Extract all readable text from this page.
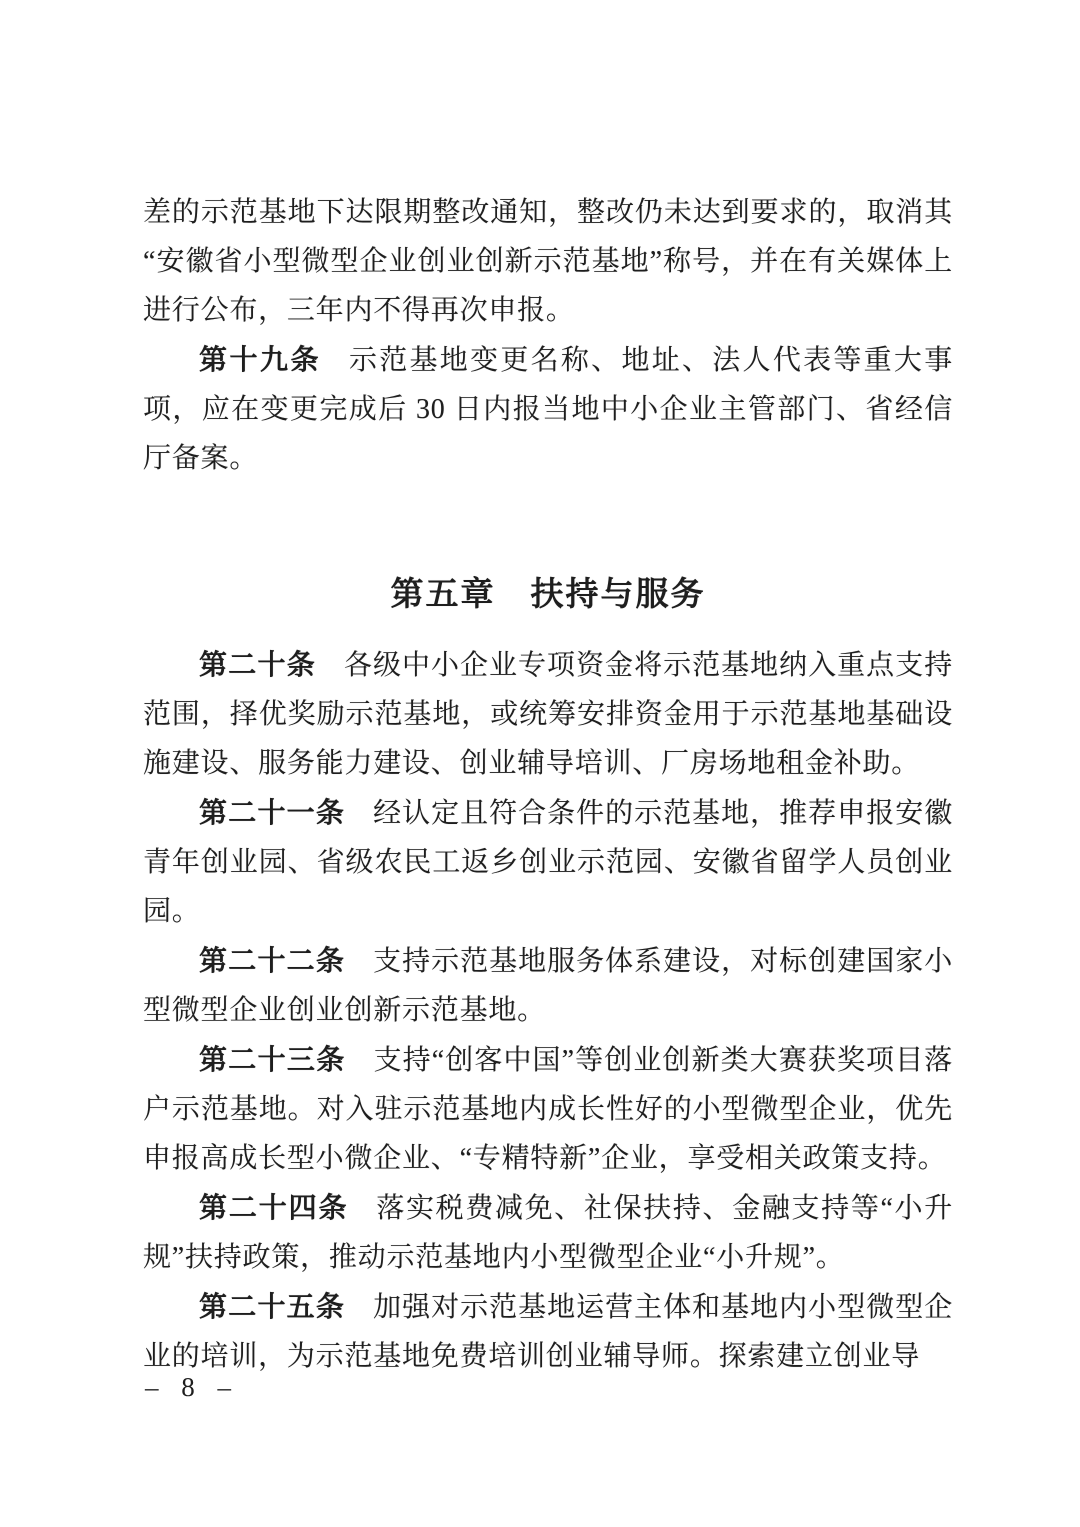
差的示范基地下达限期整改通知，整改仍未达到要求的，取消其“安徽省小型微型企业创业创新示范基地”称号，并在有关媒体上进行公布，三年内不得再次申报。

第十九条 示范基地变更名称、地址、法人代表等重大事项，应在变更完成后 30 日内报当地中小企业主管部门、省经信厅备案。

第五章　扶持与服务

第二十条 各级中小企业专项资金将示范基地纳入重点支持范围，择优奖励示范基地，或统筹安排资金用于示范基地基础设施建设、服务能力建设、创业辅导培训、厂房场地租金补助。

第二十一条 经认定且符合条件的示范基地，推荐申报安徽青年创业园、省级农民工返乡创业示范园、安徽省留学人员创业园。

第二十二条 支持示范基地服务体系建设，对标创建国家小型微型企业创业创新示范基地。

第二十三条 支持“创客中国”等创业创新类大赛获奖项目落户示范基地。对入驻示范基地内成长性好的小型微型企业，优先申报高成长型小微企业、“专精特新”企业，享受相关政策支持。

第二十四条 落实税费减免、社保扶持、金融支持等“小升规”扶持政策，推动示范基地内小型微型企业“小升规”。

第二十五条 加强对示范基地运营主体和基地内小型微型企业的培训，为示范基地免费培训创业辅导师。探索建立创业导

– 8 –
